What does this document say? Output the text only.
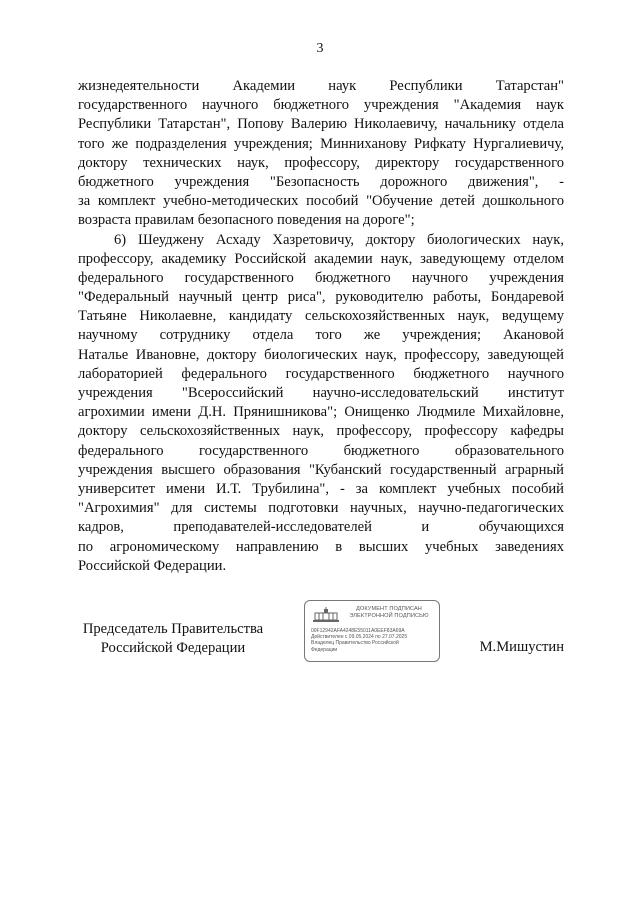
3
жизнедеятельности Академии наук Республики Татарстан"
государственного научного бюджетного учреждения "Академия наук
Республики Татарстан", Попову Валерию Николаевичу, начальнику отдела
того же подразделения учреждения; Минниханову Рифкату Нургалиевичу,
доктору технических наук, профессору, директору государственного
бюджетного учреждения "Безопасность дорожного движения", -
за комплект учебно-методических пособий "Обучение детей дошкольного
возраста правилам безопасного поведения на дороге";
6) Шеуджену Асхаду Хазретовичу, доктору биологических наук,
профессору, академику Российской академии наук, заведующему отделом
федерального государственного бюджетного научного учреждения
"Федеральный научный центр риса", руководителю работы, Бондаревой
Татьяне Николаевне, кандидату сельскохозяйственных наук, ведущему
научному сотруднику отдела того же учреждения; Акановой
Наталье Ивановне, доктору биологических наук, профессору, заведующей
лабораторией федерального государственного бюджетного научного
учреждения "Всероссийский научно-исследовательский институт
агрохимии имени Д.Н. Прянишникова"; Онищенко Людмиле Михайловне,
доктору сельскохозяйственных наук, профессору, профессору кафедры
федерального государственного бюджетного образовательного
учреждения высшего образования "Кубанский государственный аграрный
университет имени И.Т. Трубилина", - за комплект учебных пособий
"Агрохимия" для системы подготовки научных, научно-педагогических
кадров, преподавателей-исследователей и обучающихся
по агрономическому направлению в высших учебных заведениях
Российской Федерации.
Председатель Правительства
Российской Федерации
ДОКУМЕНТ ПОДПИСАН
ЭЛЕКТРОННОЙ ПОДПИСЬЮ
00F12942AFA4248E55011A0EEF83A69A
Действителен с 09.05.2024 по 27.07.2025
Владелец Правительство Российской
Федерации	М.Мишустин
